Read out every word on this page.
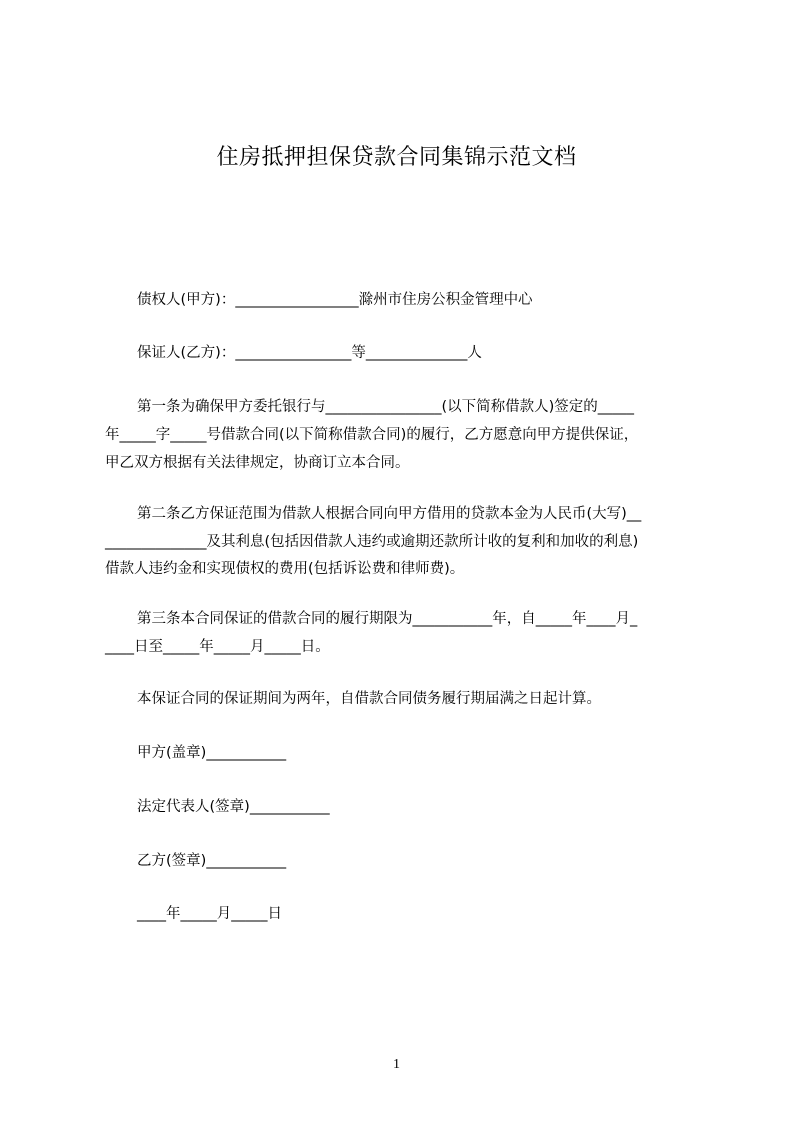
住房抵押担保贷款合同集锦示范文档
债权人(甲方)：_________________滁州市住房公积金管理中心
保证人(乙方)：________________等______________人
第一条为确保甲方委托银行与________________(以下简称借款人)签定的_____
年_____字_____号借款合同(以下简称借款合同)的履行，乙方愿意向甲方提供保证，
甲乙双方根据有关法律规定，协商订立本合同。
第二条乙方保证范围为借款人根据合同向甲方借用的贷款本金为人民币(大写)__
______________及其利息(包括因借款人违约或逾期还款所计收的复利和加收的利息)
借款人违约金和实现债权的费用(包括诉讼费和律师费)。
第三条本合同保证的借款合同的履行期限为___________年，自_____年____月_
____日至_____年_____月_____日。
本保证合同的保证期间为两年，自借款合同债务履行期届满之日起计算。
甲方(盖章)___________
法定代表人(签章)___________
乙方(签章)___________
____年_____月_____日
1
